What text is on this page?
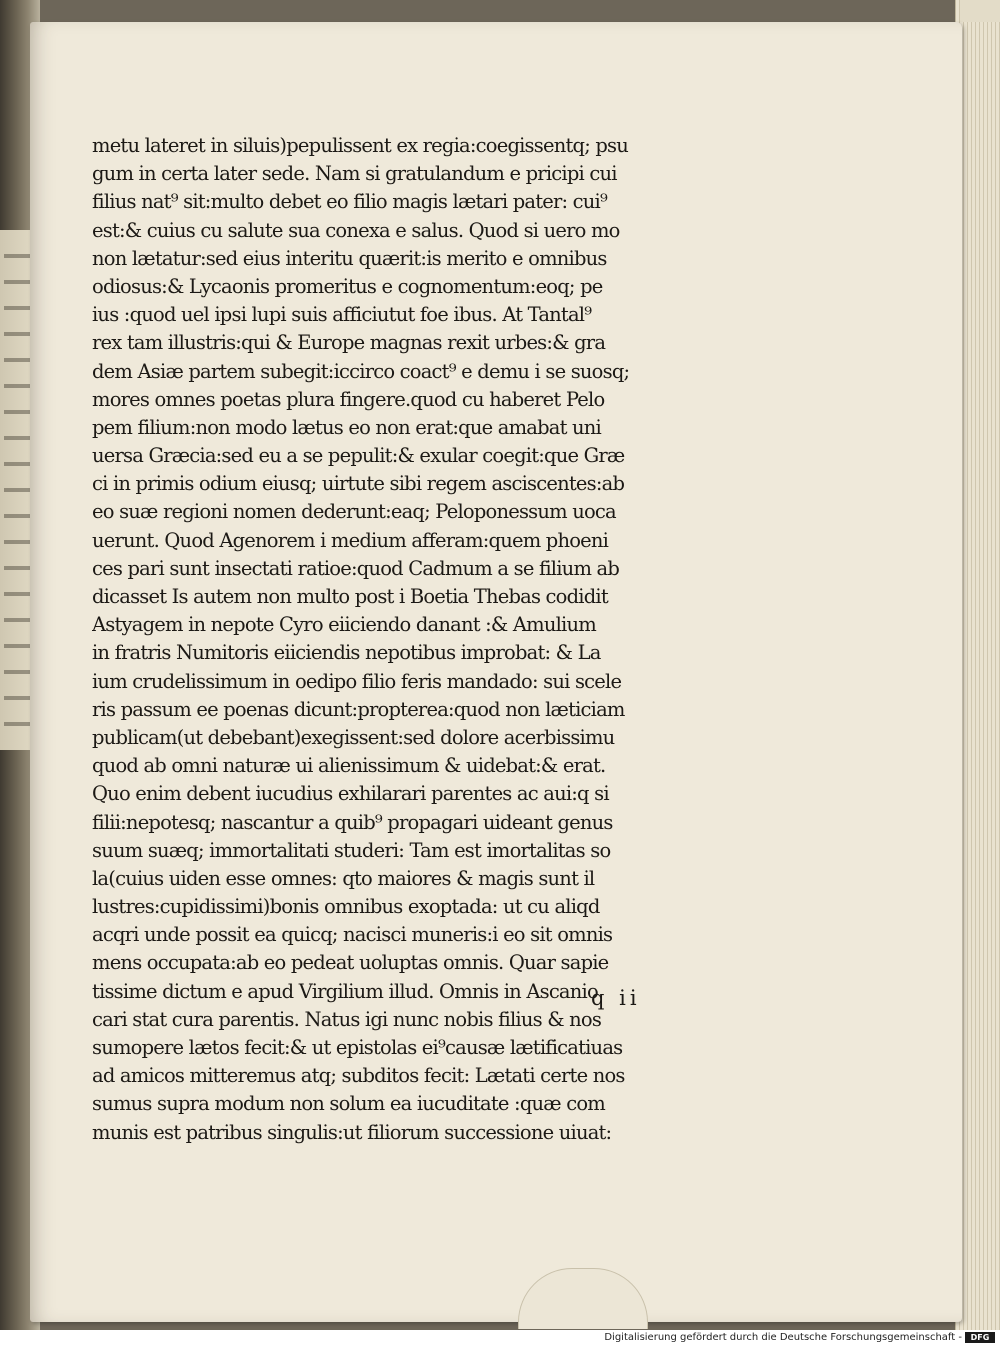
metu lateret in siluis)pepulissent ex regia:coegissentq; psu
gum in certa later sede. Nam si gratulandum e pricipi cui
filius nat⁹ sit:multo debet eo filio magis lætari pater: cui⁹
est:& cuius cu salute sua conexa e salus. Quod si uero mo
non lætatur:sed eius interitu quærit:is merito e omnibus
odiosus:& Lycaonis promeritus e cognomentum:eoq; pe
ius :quod uel ipsi lupi suis afficiutut foe ibus. At Tantal⁹
rex tam illustris:qui & Europe magnas rexit urbes:& gra
dem Asiæ partem subegit:iccirco coact⁹ e demu i se suosq;
mores omnes poetas plura fingere.quod cu haberet Pelo
pem filium:non modo lætus eo non erat:que amabat uni
uersa Græcia:sed eu a se pepulit:& exular coegit:que Græ
ci in primis odium eiusq; uirtute sibi regem asciscentes:ab
eo suæ regioni nomen dederunt:eaq; Peloponessum uoca
uerunt. Quod Agenorem i medium afferam:quem phoeni
ces pari sunt insectati ratioe:quod Cadmum a se filium ab
dicasset Is autem non multo post i Boetia Thebas codidit
Astyagem in nepote Cyro eiiciendo danant :& Amulium
in fratris Numitoris eiiciendis nepotibus improbat: & La
ium crudelissimum in oedipo filio feris mandado: sui scele
ris passum ee poenas dicunt:propterea:quod non læticiam
publicam(ut debebant)exegissent:sed dolore acerbissimu
quod ab omni naturæ ui alienissimum & uidebat:& erat.
Quo enim debent iucudius exhilarari parentes ac aui:q si
filii:nepotesq; nascantur a quib⁹ propagari uideant genus
suum suæq; immortalitati studeri: Tam est imortalitas so
la(cuius uiden esse omnes: qto maiores & magis sunt il
lustres:cupidissimi)bonis omnibus exoptada: ut cu aliqd
acqri unde possit ea quicq; nacisci muneris:i eo sit omnis
mens occupata:ab eo pedeat uoluptas omnis. Quar sapie
tissime dictum e apud Virgilium illud. Omnis in Ascanio
cari stat cura parentis. Natus igi nunc nobis filius & nos
sumopere lætos fecit:& ut epistolas ei⁹causæ lætificatiuas
ad amicos mitteremus atq; subditos fecit: Lætati certe nos
sumus supra modum non solum ea iucuditate :quæ com
munis est patribus singulis:ut filiorum successione uiuat:
q ii
Digitalisierung gefördert durch die Deutsche Forschungsgemeinschaft -	DFG
